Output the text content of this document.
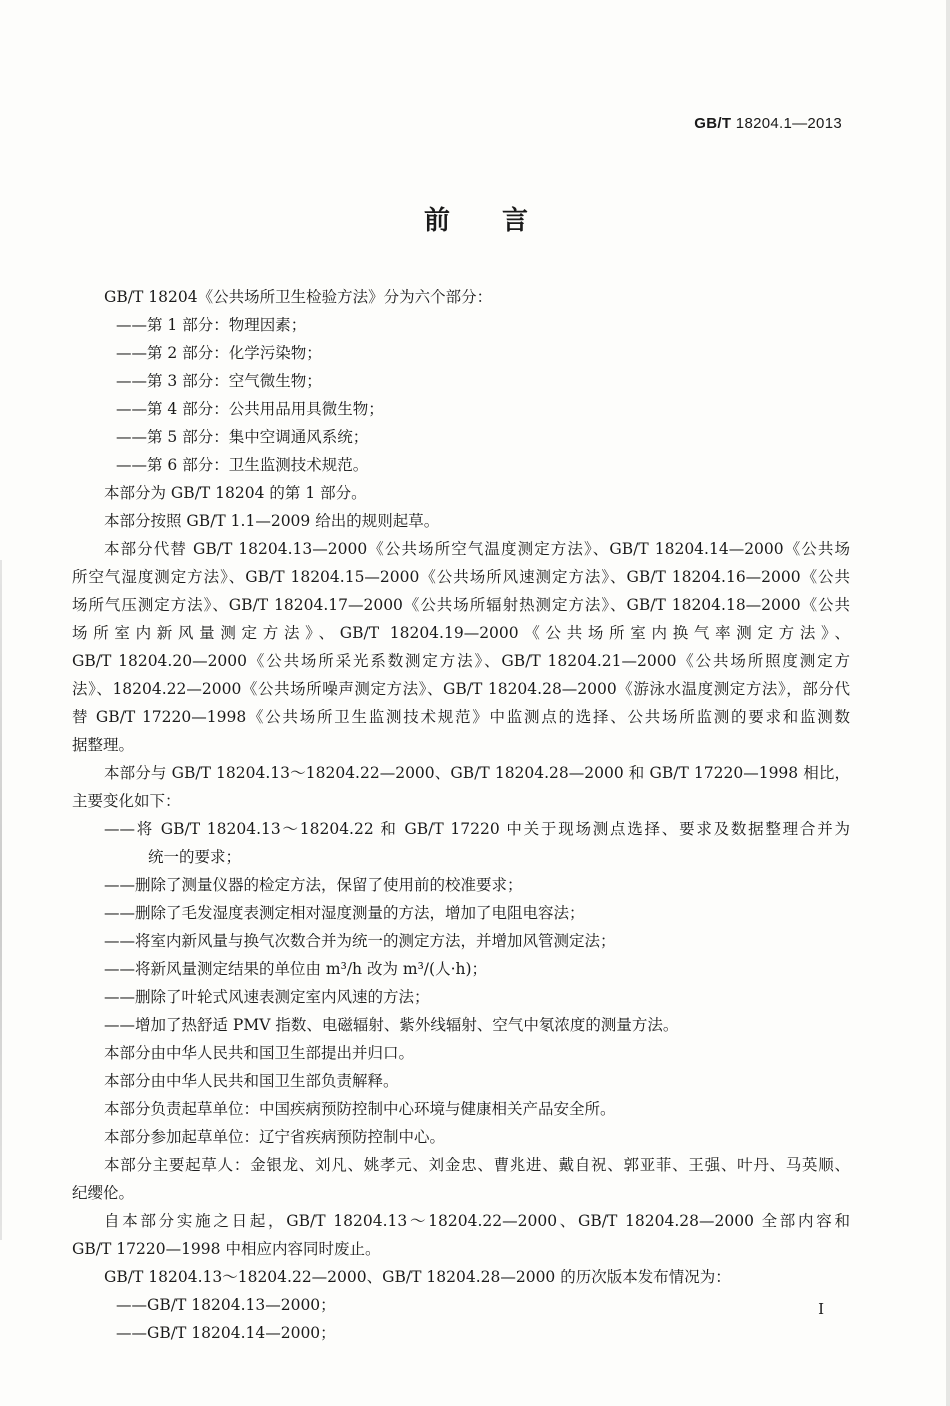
GB/T 18204.1—2013
前言
GB/T 18204《公共场所卫生检验方法》分为六个部分：
——第 1 部分：物理因素；
——第 2 部分：化学污染物；
——第 3 部分：空气微生物；
——第 4 部分：公共用品用具微生物；
——第 5 部分：集中空调通风系统；
——第 6 部分：卫生监测技术规范。
本部分为 GB/T 18204 的第 1 部分。
本部分按照 GB/T 1.1—2009 给出的规则起草。
本部分代替 GB/T 18204.13—2000《公共场所空气温度测定方法》、GB/T 18204.14—2000《公共场
所空气湿度测定方法》、GB/T 18204.15—2000《公共场所风速测定方法》、GB/T 18204.16—2000《公共
场所气压测定方法》、GB/T 18204.17—2000《公共场所辐射热测定方法》、GB/T 18204.18—2000《公共
场所室内新风量测定方法》、GB/T 18204.19—2000《公共场所室内换气率测定方法》、
GB/T 18204.20—2000《公共场所采光系数测定方法》、GB/T 18204.21—2000《公共场所照度测定方
法》、18204.22—2000《公共场所噪声测定方法》、GB/T 18204.28—2000《游泳水温度测定方法》，部分代
替 GB/T 17220—1998《公共场所卫生监测技术规范》中监测点的选择、公共场所监测的要求和监测数
据整理。
本部分与 GB/T 18204.13～18204.22—2000、GB/T 18204.28—2000 和 GB/T 17220—1998 相比，
主要变化如下：
——将 GB/T 18204.13～18204.22 和 GB/T 17220 中关于现场测点选择、要求及数据整理合并为
统一的要求；
——删除了测量仪器的检定方法，保留了使用前的校准要求；
——删除了毛发湿度表测定相对湿度测量的方法，增加了电阻电容法；
——将室内新风量与换气次数合并为统一的测定方法，并增加风管测定法；
——将新风量测定结果的单位由 m³/h 改为 m³/(人·h)；
——删除了叶轮式风速表测定室内风速的方法；
——增加了热舒适 PMV 指数、电磁辐射、紫外线辐射、空气中氡浓度的测量方法。
本部分由中华人民共和国卫生部提出并归口。
本部分由中华人民共和国卫生部负责解释。
本部分负责起草单位：中国疾病预防控制中心环境与健康相关产品安全所。
本部分参加起草单位：辽宁省疾病预防控制中心。
本部分主要起草人：金银龙、刘凡、姚孝元、刘金忠、曹兆进、戴自祝、郭亚菲、王强、叶丹、马英顺、
纪缨伦。
自本部分实施之日起，GB/T 18204.13～18204.22—2000、GB/T 18204.28—2000 全部内容和
GB/T 17220—1998 中相应内容同时废止。
GB/T 18204.13～18204.22—2000、GB/T 18204.28—2000 的历次版本发布情况为：
——GB/T 18204.13—2000；
——GB/T 18204.14—2000；
I
